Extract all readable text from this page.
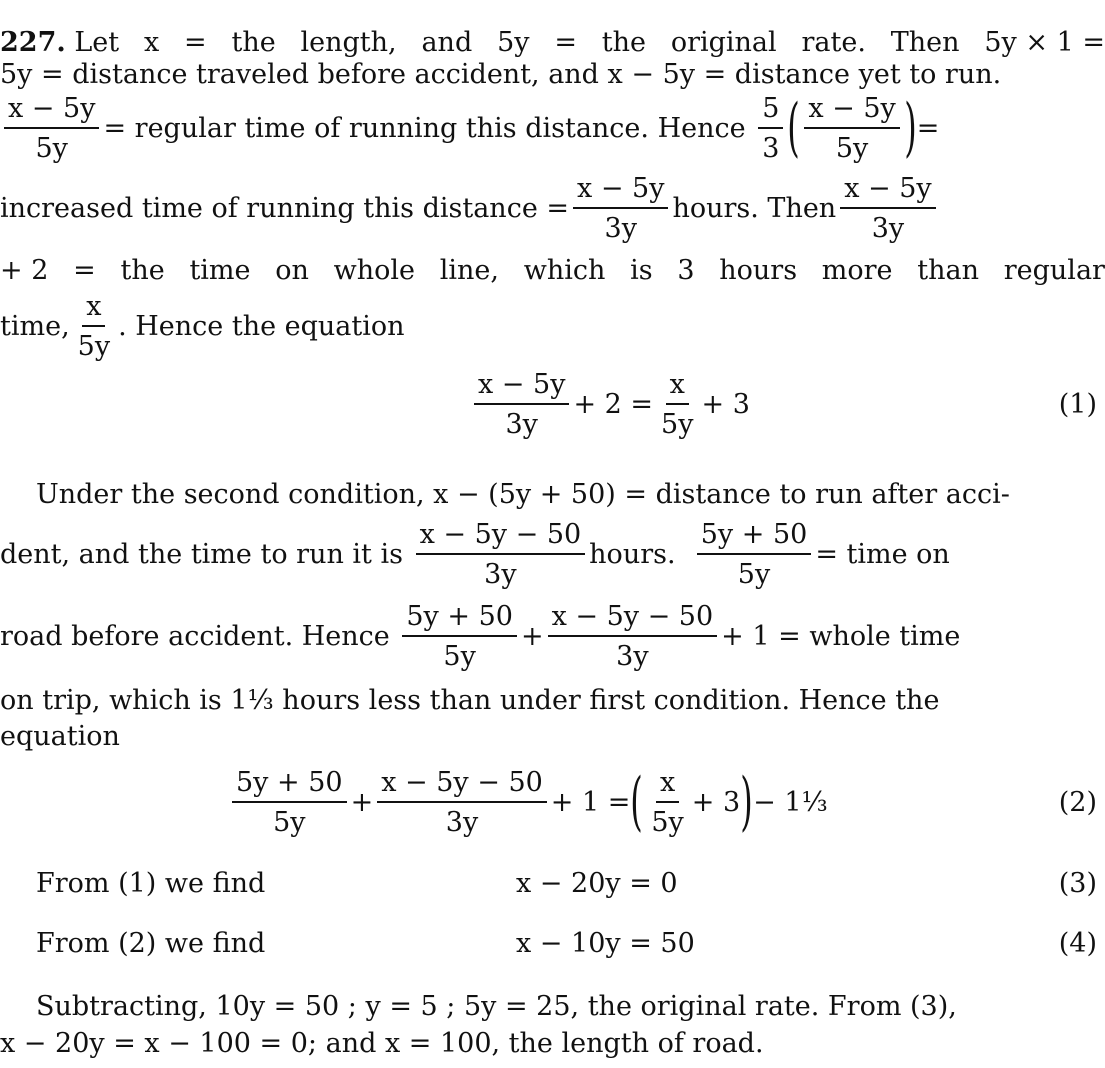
227. Let x = the length, and 5y = the original rate. Then 5y × 1 =
5y = distance traveled before accident, and x − 5y = distance yet to run.
$\frac{x - 5y}{5y}$ = regular time of running this distance. Hence
$\frac{5}{3}$ ( $\frac{x - 5y}{5y}$ ) =
increased time of running this distance = $\frac{x - 5y}{3y}$ hours. Then $\frac{x - 5y}{3y}$
+ 2 = the time on whole line, which is 3 hours more than regular
time, $\frac{x}{5y}$ . Hence the equation
$\frac{x - 5y}{3y} + 2 = \frac{x}{5y} + 3$	(1)
Under the second condition, x − (5y + 50) = distance to run after acci-
dent, and the time to run it is
$\frac{x - 5y - 50}{3y}$ hours.
$\frac{5y + 50}{5y}$ = time on
road before accident. Hence
$\frac{5y + 50}{5y} + \frac{x - 5y - 50}{3y} + 1$ = whole time
on trip, which is 1⅓ hours less than under first condition. Hence the
equation
$\frac{5y + 50}{5y} + \frac{x - 5y - 50}{3y} + 1$ = ( $\frac{x}{5y} + 3$ ) − 1⅓	(2)
From (1) we find	x − 20y = 0	(3)
From (2) we find	x − 10y = 50	(4)
Subtracting, 10y = 50 ; y = 5 ; 5y = 25, the original rate. From (3),
x − 20y = x − 100 = 0; and x = 100, the length of road.
